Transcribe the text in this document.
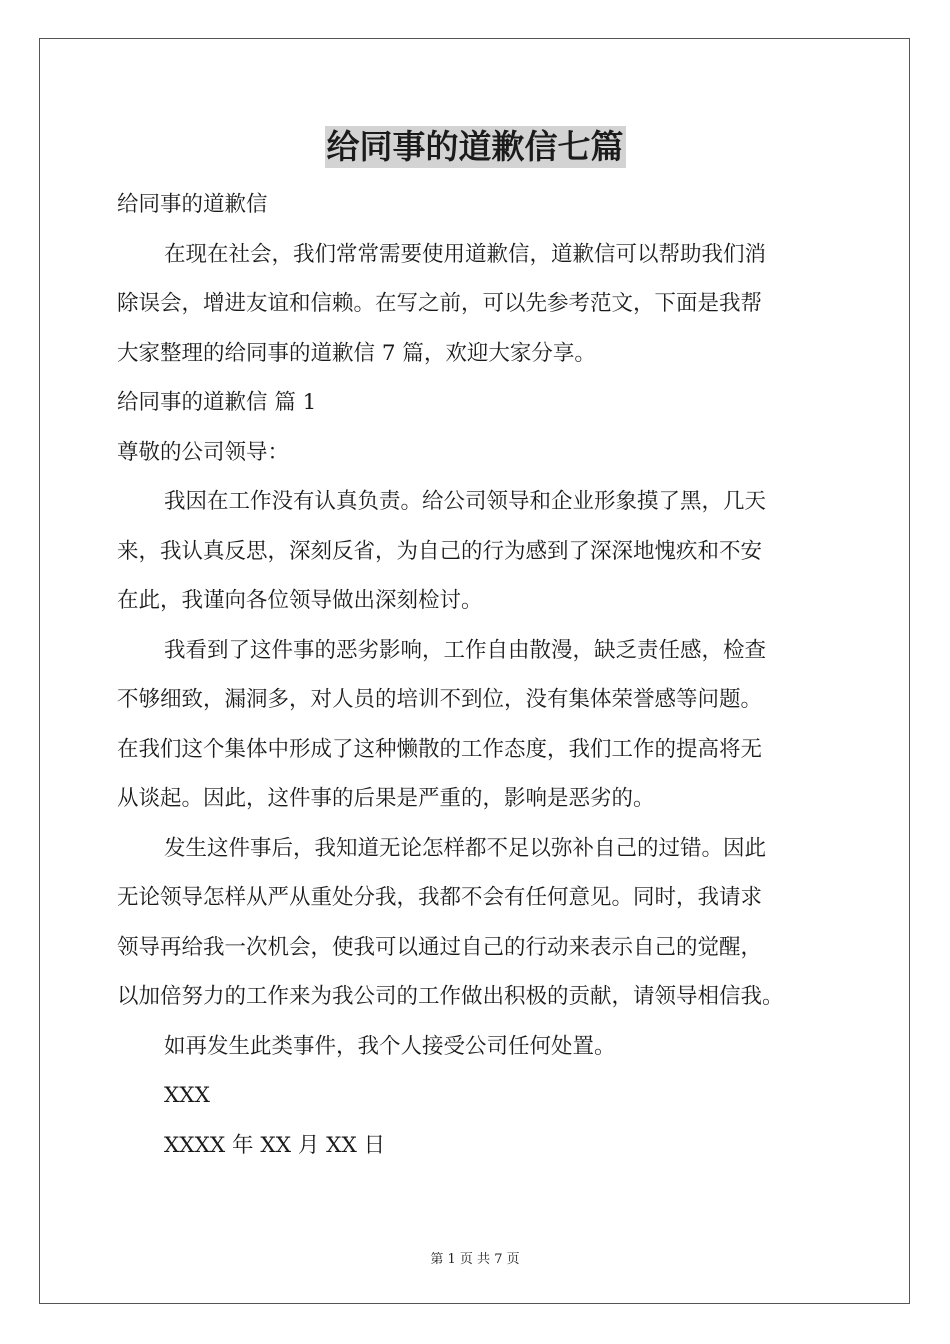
给同事的道歉信七篇
给同事的道歉信
在现在社会，我们常常需要使用道歉信，道歉信可以帮助我们消
除误会，增进友谊和信赖。在写之前，可以先参考范文，下面是我帮
大家整理的给同事的道歉信 7 篇，欢迎大家分享。
给同事的道歉信 篇 1
尊敬的公司领导：
我因在工作没有认真负责。给公司领导和企业形象摸了黑，几天
来，我认真反思，深刻反省，为自己的行为感到了深深地愧疚和不安
在此，我谨向各位领导做出深刻检讨。
我看到了这件事的恶劣影响，工作自由散漫，缺乏责任感，检查
不够细致，漏洞多，对人员的培训不到位，没有集体荣誉感等问题。
在我们这个集体中形成了这种懒散的工作态度，我们工作的提高将无
从谈起。因此，这件事的后果是严重的，影响是恶劣的。
发生这件事后，我知道无论怎样都不足以弥补自己的过错。因此
无论领导怎样从严从重处分我，我都不会有任何意见。同时，我请求
领导再给我一次机会，使我可以通过自己的行动来表示自己的觉醒，
以加倍努力的工作来为我公司的工作做出积极的贡献，请领导相信我。
如再发生此类事件，我个人接受公司任何处置。
XXX
XXXX 年 XX 月 XX 日
第 1 页 共 7 页
